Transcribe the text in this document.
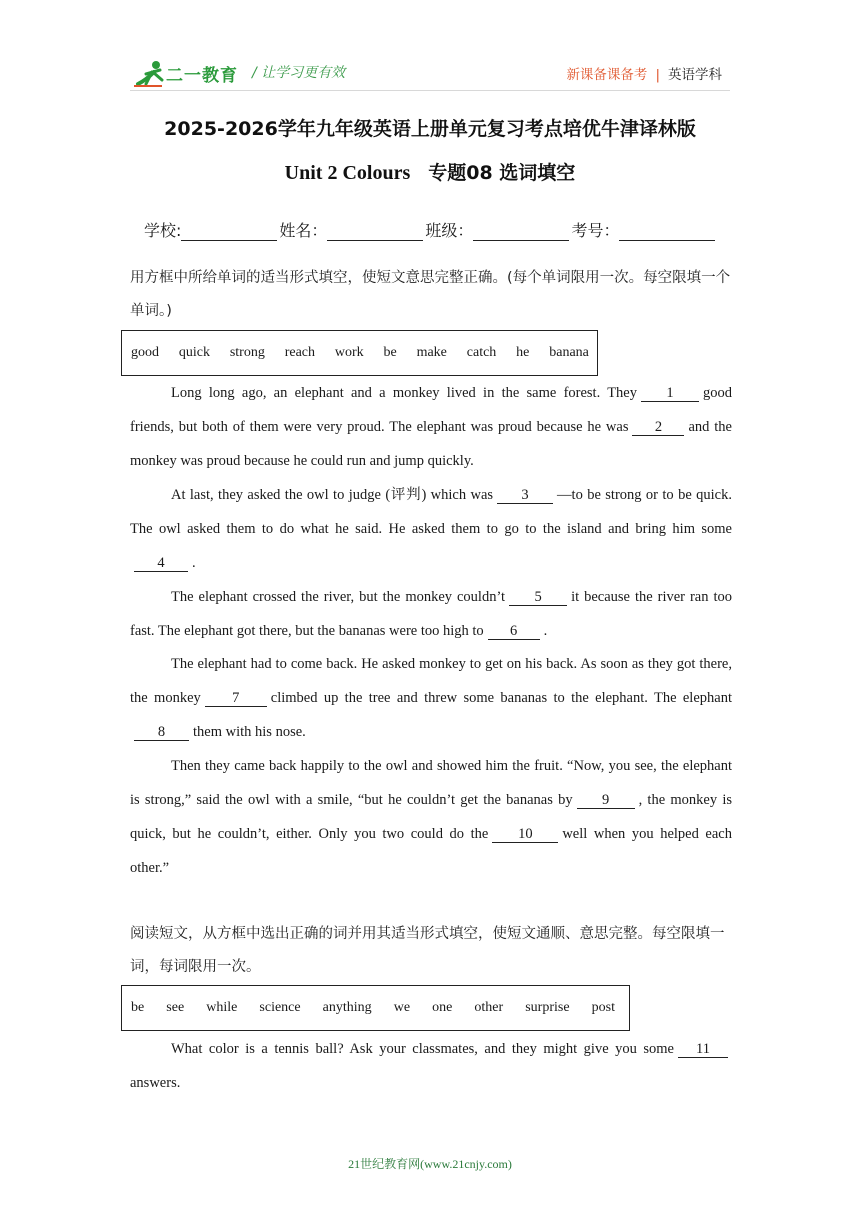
二一教育 / 让学习更有效	新课备课备考 | 英语学科
2025-2026学年九年级英语上册单元复习考点培优牛津译林版
Unit 2 Colours 专题08 选词填空
学校:	姓名：	班级：	考号：
用方框中所给单词的适当形式填空，使短文意思完整正确。(每个单词限用一次。每空限填一个单词。)
good quick strong reach work be make catch he banana
Long long ago, an elephant and a monkey lived in the same forest. They 1 good friends, but both of them were very proud. The elephant was proud because he was 2 and the monkey was proud because he could run and jump quickly.
At last, they asked the owl to judge (评判) which was 3 —to be strong or to be quick. The owl asked them to do what he said. He asked them to go to the island and bring him some4 .
The elephant crossed the river, but the monkey couldn’t 5 it because the river ran too fast. The elephant got there, but the bananas were too high to 6 .
The elephant had to come back. He asked monkey to get on his back. As soon as they got there, the monkey 7 climbed up the tree and threw some bananas to the elephant. The elephant8 them with his nose.
Then they came back happily to the owl and showed him the fruit. “Now, you see, the elephant is strong,” said the owl with a smile, “but he couldn’t get the bananas by 9 , the monkey is quick, but he couldn’t, either. Only you two could do the 10 well when you helped each other.”
阅读短文，从方框中选出正确的词并用其适当形式填空，使短文通顺、意思完整。每空限填一词，每词限用一次。
be see while science anything we one other surprise post
What color is a tennis ball? Ask your classmates, and they might give you some 11answers.
21世纪教育网(www.21cnjy.com)
